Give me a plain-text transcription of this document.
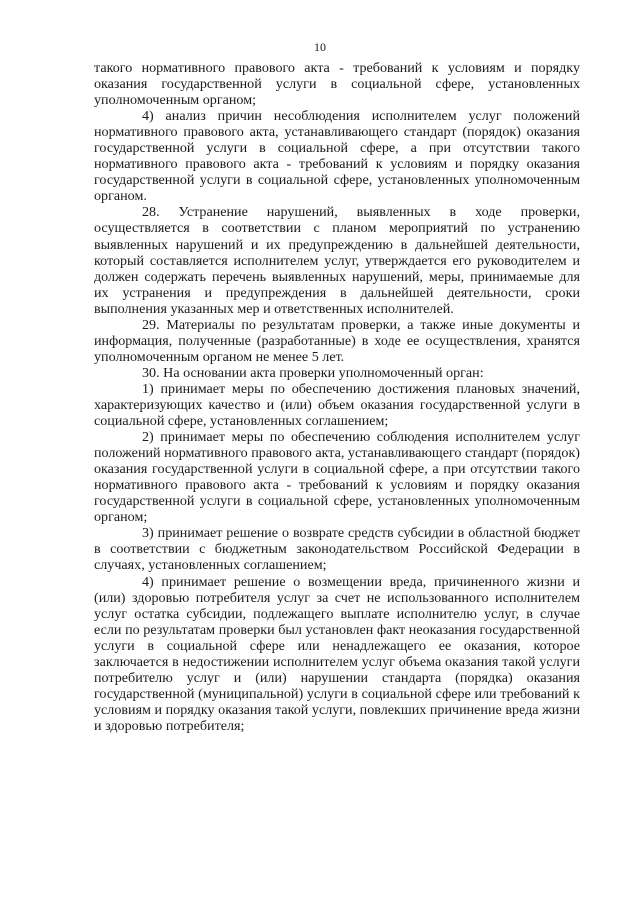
10

такого нормативного правового акта - требований к условиям и порядку оказания государственной услуги в социальной сфере, установленных уполномоченным органом;

4) анализ причин несоблюдения исполнителем услуг положений нормативного правового акта, устанавливающего стандарт (порядок) оказания государственной услуги в социальной сфере, а при отсутствии такого нормативного правового акта - требований к условиям и порядку оказания государственной услуги в социальной сфере, установленных уполномоченным органом.

28. Устранение нарушений, выявленных в ходе проверки, осуществляется в соответствии с планом мероприятий по устранению выявленных нарушений и их предупреждению в дальнейшей деятельности, который составляется исполнителем услуг, утверждается его руководителем и должен содержать перечень выявленных нарушений, меры, принимаемые для их устранения и предупреждения в дальнейшей деятельности, сроки выполнения указанных мер и ответственных исполнителей.

29. Материалы по результатам проверки, а также иные документы и информация, полученные (разработанные) в ходе ее осуществления, хранятся уполномоченным органом не менее 5 лет.

30. На основании акта проверки уполномоченный орган:

1) принимает меры по обеспечению достижения плановых значений, характеризующих качество и (или) объем оказания государственной услуги в социальной сфере, установленных соглашением;

2) принимает меры по обеспечению соблюдения исполнителем услуг положений нормативного правового акта, устанавливающего стандарт (порядок) оказания государственной услуги в социальной сфере, а при отсутствии такого нормативного правового акта - требований к условиям и порядку оказания государственной услуги в социальной сфере, установленных уполномоченным органом;

3) принимает решение о возврате средств субсидии в областной бюджет в соответствии с бюджетным законодательством Российской Федерации в случаях, установленных соглашением;

4) принимает решение о возмещении вреда, причиненного жизни и (или) здоровью потребителя услуг за счет не использованного исполнителем услуг остатка субсидии, подлежащего выплате исполнителю услуг, в случае если по результатам проверки был установлен факт неоказания государственной услуги в социальной сфере или ненадлежащего ее оказания, которое заключается в недостижении исполнителем услуг объема оказания такой услуги потребителю услуг и (или) нарушении стандарта (порядка) оказания государственной (муниципальной) услуги в социальной сфере или требований к условиям и порядку оказания такой услуги, повлекших причинение вреда жизни и здоровью потребителя;
